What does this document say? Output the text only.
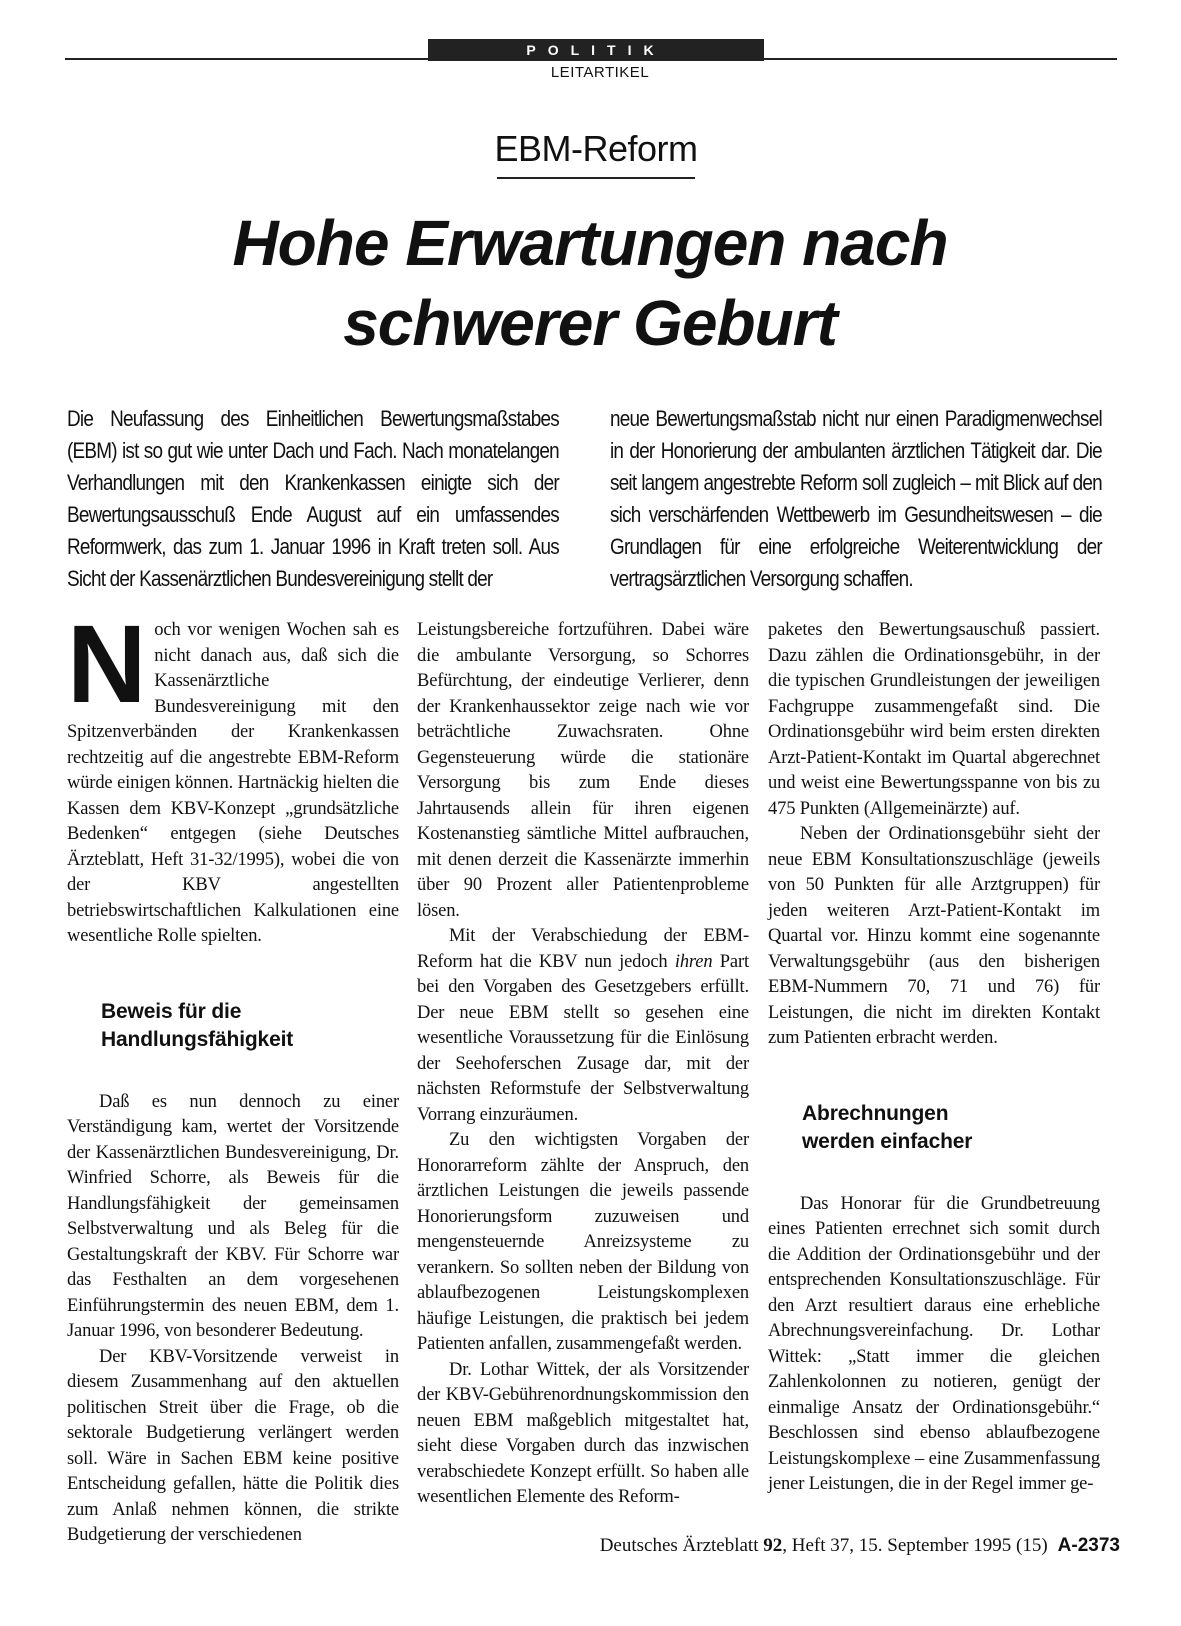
POLITIK
LEITARTIKEL
EBM-Reform
Hohe Erwartungen nach
schwerer Geburt

Die Neufassung des Einheitlichen Bewertungsmaßstabes (EBM) ist so gut wie unter Dach und Fach. Nach monatelangen Verhandlungen mit den Krankenkassen einigte sich der Bewertungsausschuß Ende August auf ein umfassendes Reformwerk, das zum 1. Januar 1996 in Kraft treten soll. Aus Sicht der Kassenärztlichen Bundesvereinigung stellt der

neue Bewertungsmaßstab nicht nur einen Paradigmenwechsel in der Honorierung der ambulanten ärztlichen Tätigkeit dar. Die seit langem angestrebte Reform soll zugleich – mit Blick auf den sich verschärfenden Wettbewerb im Gesundheitswesen – die Grundlagen für eine erfolgreiche Weiterentwicklung der vertragsärztlichen Versorgung schaffen.

Noch vor wenigen Wochen sah es nicht danach aus, daß sich die Kassenärztliche Bundesvereinigung mit den Spitzenverbänden der Krankenkassen rechtzeitig auf die angestrebte EBM-Reform würde einigen können. Hartnäckig hielten die Kassen dem KBV-Konzept „grundsätzliche Bedenken“ entgegen (siehe Deutsches Ärzteblatt, Heft 31-32/1995), wobei die von der KBV angestellten betriebswirtschaftlichen Kalkulationen eine wesentliche Rolle spielten.

Beweis für die
Handlungsfähigkeit

Daß es nun dennoch zu einer Verständigung kam, wertet der Vorsitzende der Kassenärztlichen Bundesvereinigung, Dr. Winfried Schorre, als Beweis für die Handlungsfähigkeit der gemeinsamen Selbstverwaltung und als Beleg für die Gestaltungskraft der KBV. Für Schorre war das Festhalten an dem vorgesehenen Einführungstermin des neuen EBM, dem 1. Januar 1996, von besonderer Bedeutung.

Der KBV-Vorsitzende verweist in diesem Zusammenhang auf den aktuellen politischen Streit über die Frage, ob die sektorale Budgetierung verlängert werden soll. Wäre in Sachen EBM keine positive Entscheidung gefallen, hätte die Politik dies zum Anlaß nehmen können, die strikte Budgetierung der verschiedenen

Leistungsbereiche fortzuführen. Dabei wäre die ambulante Versorgung, so Schorres Befürchtung, der eindeutige Verlierer, denn der Krankenhaussektor zeige nach wie vor beträchtliche Zuwachsraten. Ohne Gegensteuerung würde die stationäre Versorgung bis zum Ende dieses Jahrtausends allein für ihren eigenen Kostenanstieg sämtliche Mittel aufbrauchen, mit denen derzeit die Kassenärzte immerhin über 90 Prozent aller Patientenprobleme lösen.

Mit der Verabschiedung der EBM-Reform hat die KBV nun jedoch ihren Part bei den Vorgaben des Gesetzgebers erfüllt. Der neue EBM stellt so gesehen eine wesentliche Voraussetzung für die Einlösung der Seehoferschen Zusage dar, mit der nächsten Reformstufe der Selbstverwaltung Vorrang einzuräumen.

Zu den wichtigsten Vorgaben der Honorarreform zählte der Anspruch, den ärztlichen Leistungen die jeweils passende Honorierungsform zuzuweisen und mengensteuernde Anreizsysteme zu verankern. So sollten neben der Bildung von ablaufbezogenen Leistungskomplexen häufige Leistungen, die praktisch bei jedem Patienten anfallen, zusammengefaßt werden.

Dr. Lothar Wittek, der als Vorsitzender der KBV-Gebührenordnungskommission den neuen EBM maßgeblich mitgestaltet hat, sieht diese Vorgaben durch das inzwischen verabschiedete Konzept erfüllt. So haben alle wesentlichen Elemente des Reform-

paketes den Bewertungsauschuß passiert. Dazu zählen die Ordinationsgebühr, in der die typischen Grundleistungen der jeweiligen Fachgruppe zusammengefaßt sind. Die Ordinationsgebühr wird beim ersten direkten Arzt-Patient-Kontakt im Quartal abgerechnet und weist eine Bewertungsspanne von bis zu 475 Punkten (Allgemeinärzte) auf.

Neben der Ordinationsgebühr sieht der neue EBM Konsultationszuschläge (jeweils von 50 Punkten für alle Arztgruppen) für jeden weiteren Arzt-Patient-Kontakt im Quartal vor. Hinzu kommt eine sogenannte Verwaltungsgebühr (aus den bisherigen EBM-Nummern 70, 71 und 76) für Leistungen, die nicht im direkten Kontakt zum Patienten erbracht werden.

Abrechnungen
werden einfacher

Das Honorar für die Grundbetreuung eines Patienten errechnet sich somit durch die Addition der Ordinationsgebühr und der entsprechenden Konsultationszuschläge. Für den Arzt resultiert daraus eine erhebliche Abrechnungsvereinfachung. Dr. Lothar Wittek: „Statt immer die gleichen Zahlenkolonnen zu notieren, genügt der einmalige Ansatz der Ordinationsgebühr.“ Beschlossen sind ebenso ablaufbezogene Leistungskomplexe – eine Zusammenfassung jener Leistungen, die in der Regel immer ge-

Deutsches Ärzteblatt 92, Heft 37, 15. September 1995 (15) A-2373
